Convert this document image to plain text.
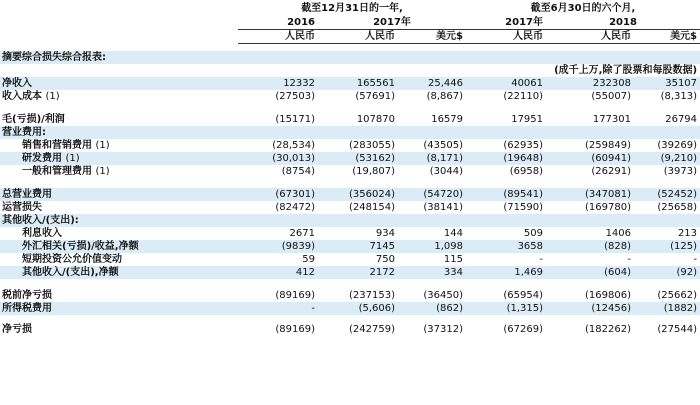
	截至12月31日的一年,			截至6月30日的六个月,		
	2016	2017年		2017年	2018	
	人民币	人民币	美元$	人民币	人民币	美元$

摘要综合损失综合报表:						
	(成千上万,除了股票和每股数据)					
净收入	12332	165561	25,446	40061	232308	35107
收入成本 (1)	(27503)	(57691)	(8,867)	(22110)	(55007)	(8,313)

毛(亏损)/利润	(15171)	107870	16579	17951	177301	26794
营业费用:						
销售和营销费用 (1)	(28,534)	(283055)	(43505)	(62935)	(259849)	(39269)
研发费用 (1)	(30,013)	(53162)	(8,171)	(19648)	(60941)	(9,210)
一般和管理费用 (1)	(8754)	(19,807)	(3044)	(6958)	(26291)	(3973)

总营业费用	(67301)	(356024)	(54720)	(89541)	(347081)	(52452)
运营损失	(82472)	(248154)	(38141)	(71590)	(169780)	(25658)
其他收入/(支出):						
利息收入	2671	934	144	509	1406	213
外汇相关(亏损)/收益,净额	(9839)	7145	1,098	3658	(828)	(125)
短期投资公允价值变动	59	750	115	-	-	-
其他收入/(支出),净额	412	2172	334	1,469	(604)	(92)

税前净亏损	(89169)	(237153)	(36450)	(65954)	(169806)	(25662)
所得税费用	-	(5,606)	(862)	(1,315)	(12456)	(1882)

净亏损	(89169)	(242759)	(37312)	(67269)	(182262)	(27544)
